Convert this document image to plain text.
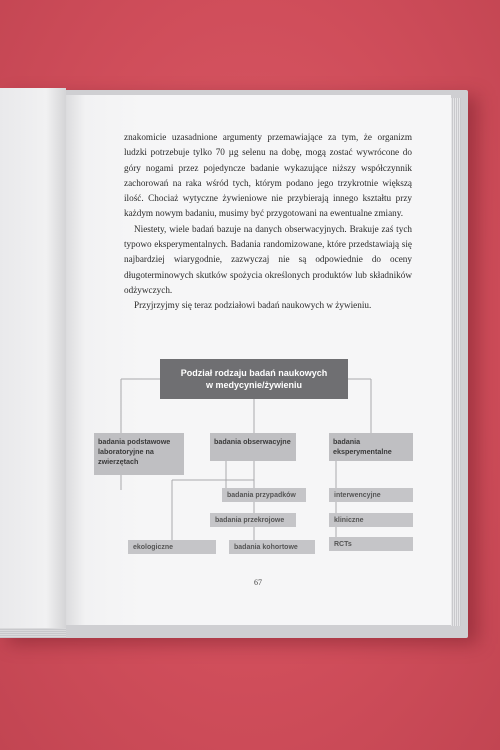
znakomicie uzasadnione argumenty przemawiające za tym, że organizm ludzki potrzebuje tylko 70 µg selenu na dobę, mogą zostać wywrócone do góry nogami przez pojedyncze badanie wykazujące niższy współczynnik zachorowań na raka wśród tych, którym podano jego trzykrotnie większą ilość. Chociaż wytyczne żywieniowe nie przybierają innego kształtu przy każdym nowym badaniu, musimy być przygotowani na ewentualne zmiany.

Niestety, wiele badań bazuje na danych obserwacyjnych. Brakuje zaś tych typowo eksperymentalnych. Badania randomizowane, które przedstawiają się najbardziej wiarygodnie, zazwyczaj nie są odpowiednie do oceny długoterminowych skutków spożycia określonych produktów lub składników odżywczych.

Przyjrzyjmy się teraz podziałowi badań naukowych w żywieniu.

Podział rodzaju badań naukowych
w medycynie/żywieniu
badania podstawowe laboratoryjne na zwierzętach
badania obserwacyjne	badania eksperymentalne
badania przypadków
badania przekrojowe
ekologiczne	badania kohortowe
interwencyjne
kliniczne
RCTs
67
